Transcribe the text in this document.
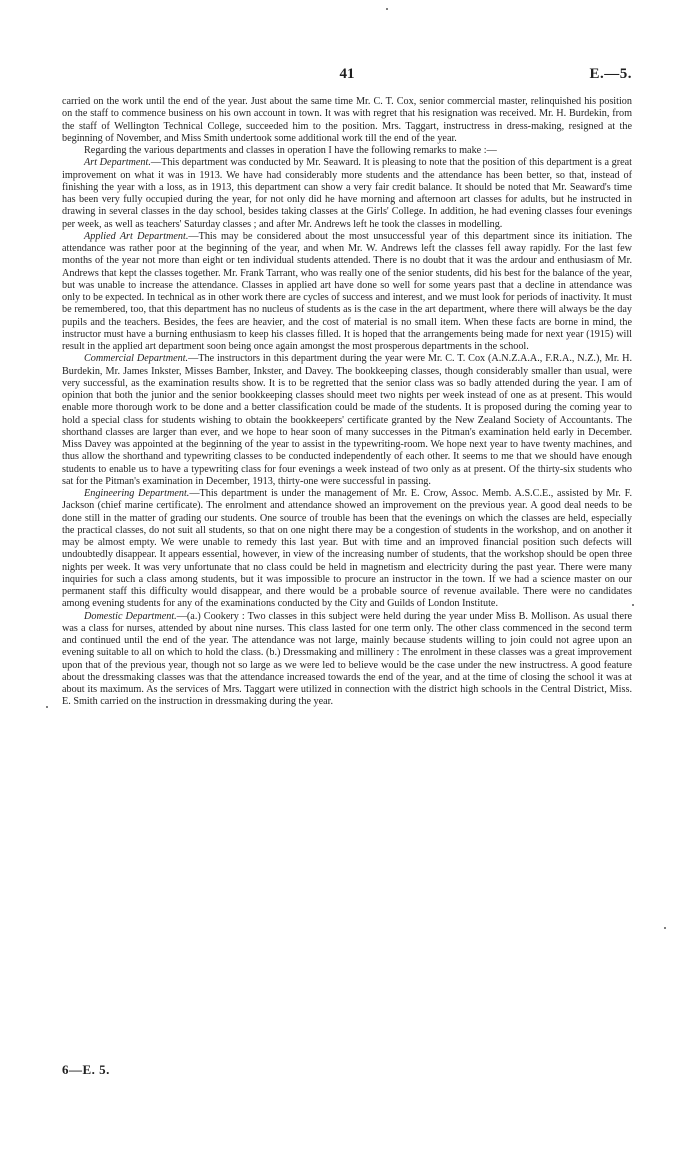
41	E.—5.

carried on the work until the end of the year. Just about the same time Mr. C. T. Cox, senior commercial master, relinquished his position on the staff to commence business on his own account in town. It was with regret that his resignation was received. Mr. H. Burdekin, from the staff of Wellington Technical College, succeeded him to the position. Mrs. Taggart, instructress in dress-making, resigned at the beginning of November, and Miss Smith undertook some additional work till the end of the year.

Regarding the various departments and classes in operation I have the following remarks to make :—

Art Department.—This department was conducted by Mr. Seaward. It is pleasing to note that the position of this department is a great improvement on what it was in 1913. We have had considerably more students and the attendance has been better, so that, instead of finishing the year with a loss, as in 1913, this department can show a very fair credit balance. It should be noted that Mr. Seaward's time has been very fully occupied during the year, for not only did he have morning and afternoon art classes for adults, but he instructed in drawing in several classes in the day school, besides taking classes at the Girls' College. In addition, he had evening classes four evenings per week, as well as teachers' Saturday classes ; and after Mr. Andrews left he took the classes in modelling.

Applied Art Department.—This may be considered about the most unsuccessful year of this department since its initiation. The attendance was rather poor at the beginning of the year, and when Mr. W. Andrews left the classes fell away rapidly. For the last few months of the year not more than eight or ten individual students attended. There is no doubt that it was the ardour and enthusiasm of Mr. Andrews that kept the classes together. Mr. Frank Tarrant, who was really one of the senior students, did his best for the balance of the year, but was unable to increase the attendance. Classes in applied art have done so well for some years past that a decline in attendance was only to be expected. In technical as in other work there are cycles of success and interest, and we must look for periods of inactivity. It must be remembered, too, that this department has no nucleus of students as is the case in the art department, where there will always be the day pupils and the teachers. Besides, the fees are heavier, and the cost of material is no small item. When these facts are borne in mind, the instructor must have a burning enthusiasm to keep his classes filled. It is hoped that the arrangements being made for next year (1915) will result in the applied art department soon being once again amongst the most prosperous departments in the school.

Commercial Department.—The instructors in this department during the year were Mr. C. T. Cox (A.N.Z.A.A., F.R.A., N.Z.), Mr. H. Burdekin, Mr. James Inkster, Misses Bamber, Inkster, and Davey. The bookkeeping classes, though considerably smaller than usual, were very successful, as the examination results show. It is to be regretted that the senior class was so badly attended during the year. I am of opinion that both the junior and the senior bookkeeping classes should meet two nights per week instead of one as at present. This would enable more thorough work to be done and a better classification could be made of the students. It is proposed during the coming year to hold a special class for students wishing to obtain the bookkeepers' certificate granted by the New Zealand Society of Accountants. The shorthand classes are larger than ever, and we hope to hear soon of many successes in the Pitman's examination held early in December. Miss Davey was appointed at the beginning of the year to assist in the typewriting-room. We hope next year to have twenty machines, and thus allow the shorthand and typewriting classes to be conducted independently of each other. It seems to me that we should have enough students to enable us to have a typewriting class for four evenings a week instead of two only as at present. Of the thirty-six students who sat for the Pitman's examination in December, 1913, thirty-one were successful in passing.

Engineering Department.—This department is under the management of Mr. E. Crow, Assoc. Memb. A.S.C.E., assisted by Mr. F. Jackson (chief marine certificate). The enrolment and attendance showed an improvement on the previous year. A good deal needs to be done still in the matter of grading our students. One source of trouble has been that the evenings on which the classes are held, especially the practical classes, do not suit all students, so that on one night there may be a congestion of students in the workshop, and on another it may be almost empty. We were unable to remedy this last year. But with time and an improved financial position such defects will undoubtedly disappear. It appears essential, however, in view of the increasing number of students, that the workshop should be open three nights per week. It was very unfortunate that no class could be held in magnetism and electricity during the past year. There were many inquiries for such a class among students, but it was impossible to procure an instructor in the town. If we had a science master on our permanent staff this difficulty would disappear, and there would be a probable source of revenue available. There were no candidates among evening students for any of the examinations conducted by the City and Guilds of London Institute.

Domestic Department.—(a.) Cookery : Two classes in this subject were held during the year under Miss B. Mollison. As usual there was a class for nurses, attended by about nine nurses. This class lasted for one term only. The other class commenced in the second term and continued until the end of the year. The attendance was not large, mainly because students willing to join could not agree upon an evening suitable to all on which to hold the class. (b.) Dressmaking and millinery : The enrolment in these classes was a great improvement upon that of the previous year, though not so large as we were led to believe would be the case under the new instructress. A good feature about the dressmaking classes was that the attendance increased towards the end of the year, and at the time of closing the school it was at about its maximum. As the services of Mrs. Taggart were utilized in connection with the district high schools in the Central District, Miss. E. Smith carried on the instruction in dressmaking during the year.

6—E. 5.
